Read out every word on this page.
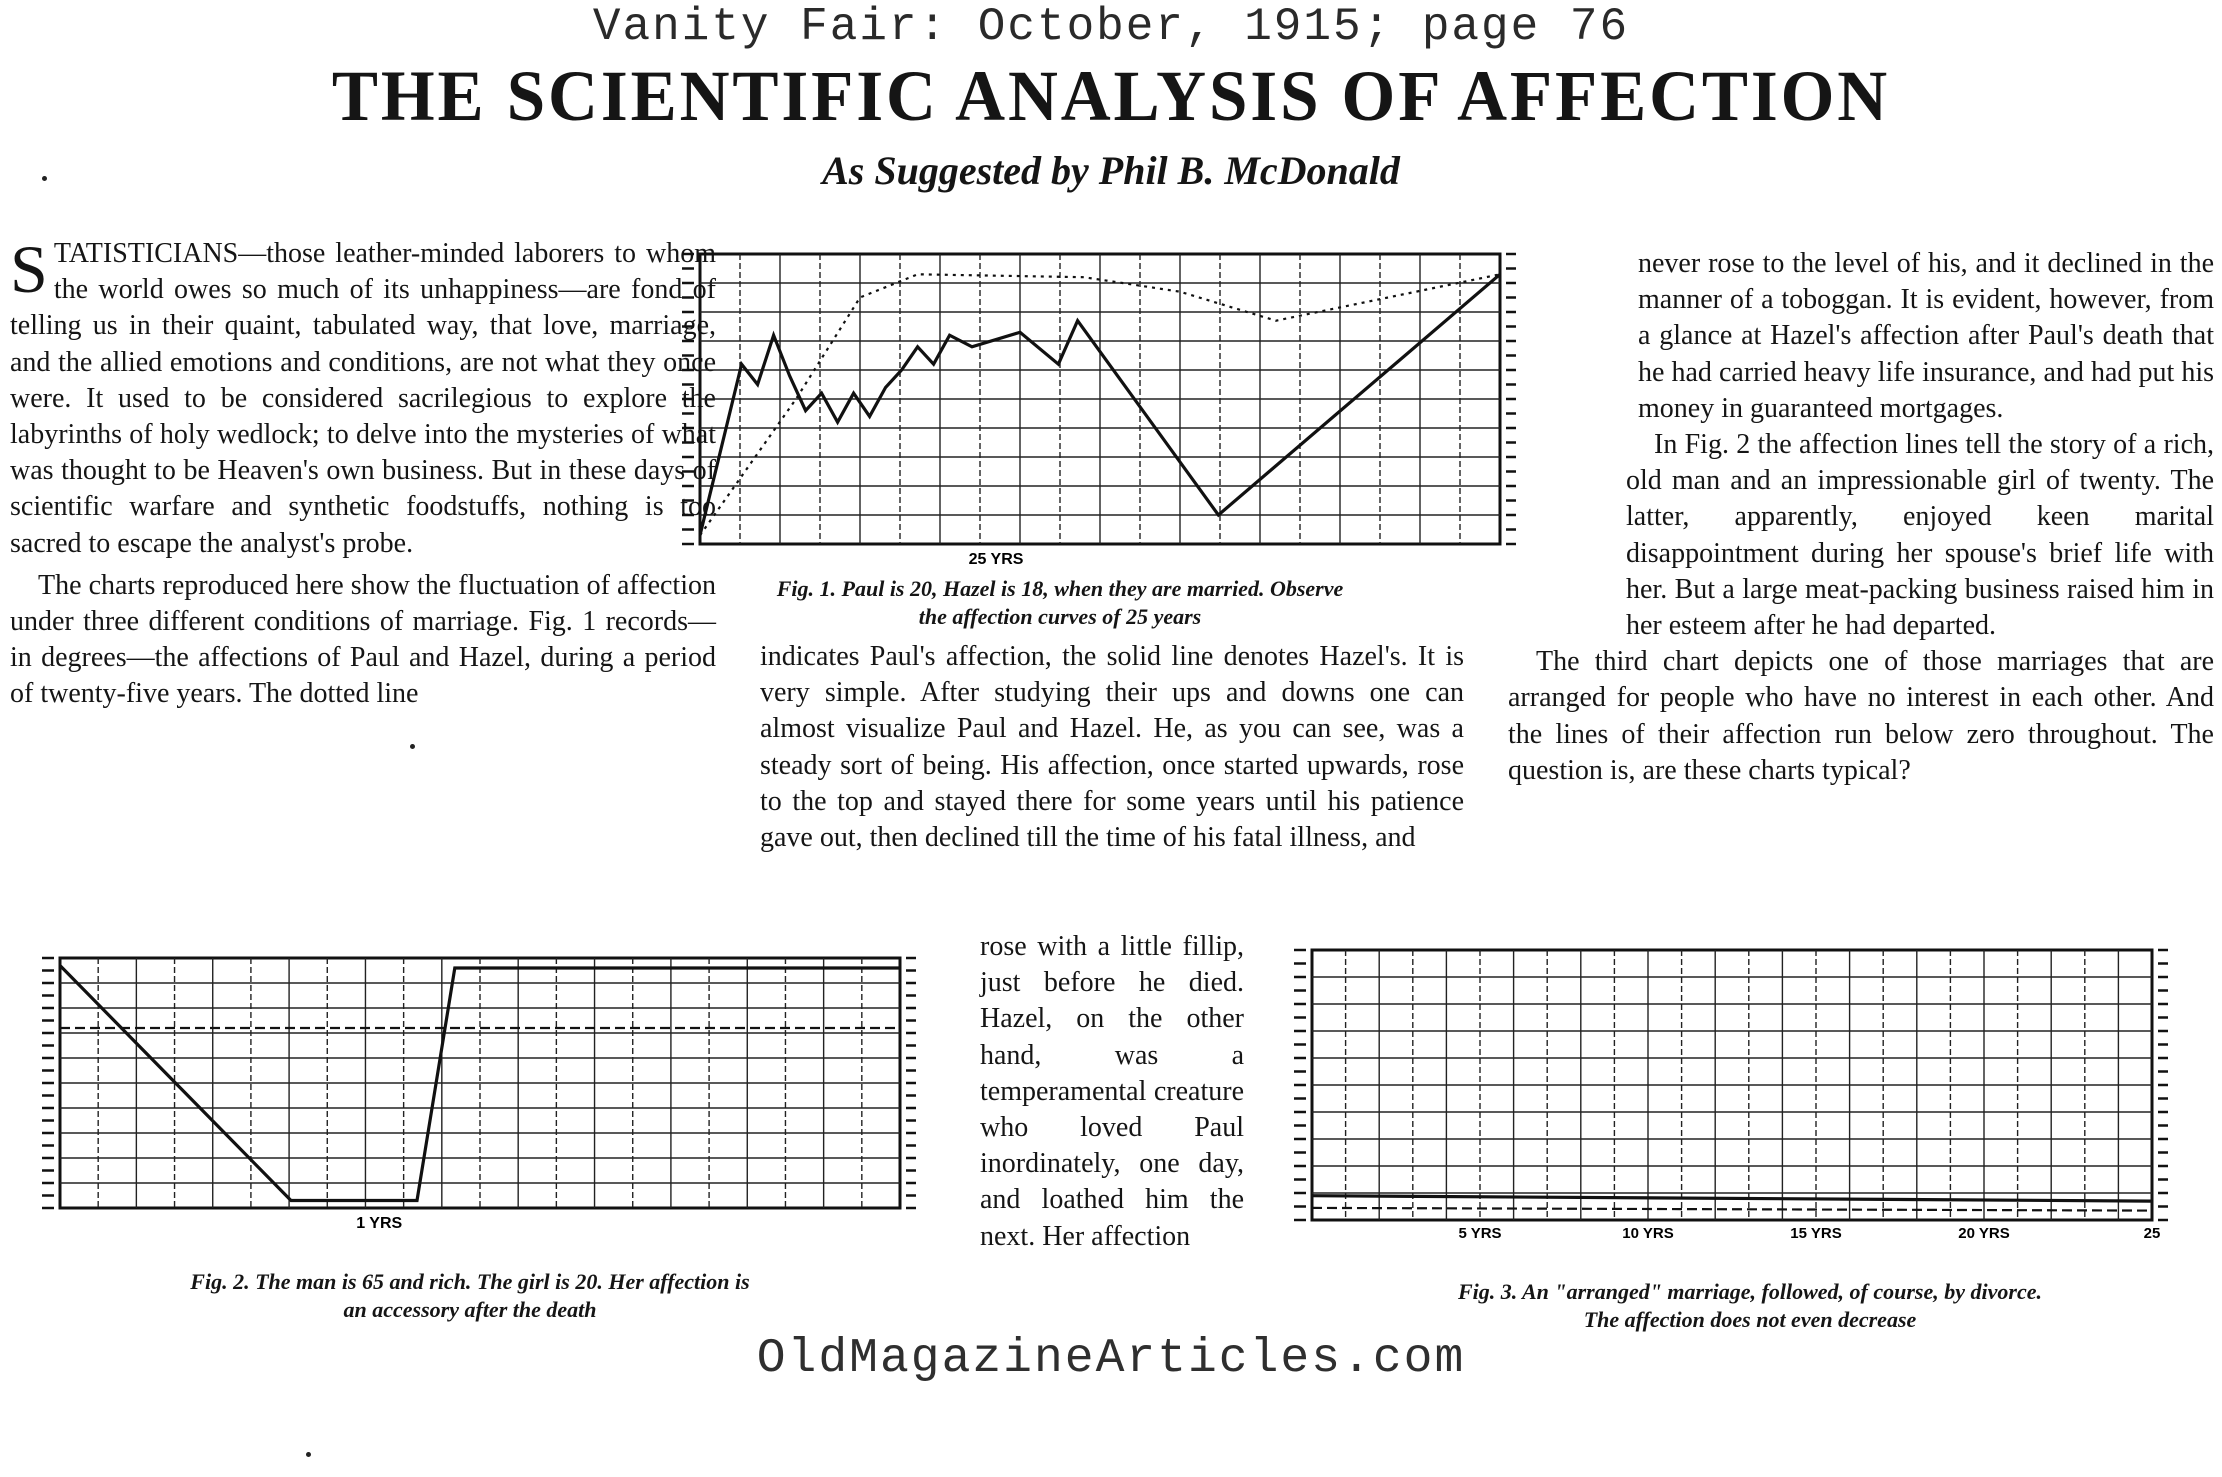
Vanity Fair: October, 1915; page 76
THE SCIENTIFIC ANALYSIS OF AFFECTION
As Suggested by Phil B. McDonald

STATISTICIANS—those leather-minded laborers to whom the world owes so much of its unhappiness—are fond of telling us in their quaint, tabulated way, that love, marriage, and the allied emotions and conditions, are not what they once were. It used to be considered sacrilegious to explore the labyrinths of holy wedlock; to delve into the mysteries of what was thought to be Heaven's own business. But in these days of scientific warfare and synthetic foodstuffs, nothing is too sacred to escape the analyst's probe.

The charts reproduced here show the fluctuation of affection under three different conditions of marriage. Fig. 1 records—in degrees—the affections of Paul and Hazel, during a period of twenty-five years. The dotted line

25 YRS
Fig. 1. Paul is 20, Hazel is 18, when they are married. Observe
the affection curves of 25 years

indicates Paul's affection, the solid line denotes Hazel's. It is very simple. After studying their ups and downs one can almost visualize Paul and Hazel. He, as you can see, was a steady sort of being. His affection, once started upwards, rose to the top and stayed there for some years until his patience gave out, then declined till the time of his fatal illness, and

rose with a little fillip, just before he died. Hazel, on the other hand, was a temperamental creature who loved Paul inordinately, one day, and loathed him the next. Her affection

never rose to the level of his, and it declined in the manner of a toboggan. It is evident, however, from a glance at Hazel's affection after Paul's death that he had carried heavy life insurance, and had put his money in guaranteed mortgages.

In Fig. 2 the affection lines tell the story of a rich, old man and an impressionable girl of twenty. The latter, apparently, enjoyed keen marital disappointment during her spouse's brief life with her. But a large meat-packing business raised him in her esteem after he had departed.

The third chart depicts one of those marriages that are arranged for people who have no interest in each other. And the lines of their affection run below zero throughout. The question is, are these charts typical?

1 YRS
Fig. 2. The man is 65 and rich. The girl is 20. Her affection is
an accessory after the death
5 YRS	10 YRS	15 YRS	20 YRS	25
Fig. 3. An "arranged" marriage, followed, of course, by divorce.
The affection does not even decrease
OldMagazineArticles.com
